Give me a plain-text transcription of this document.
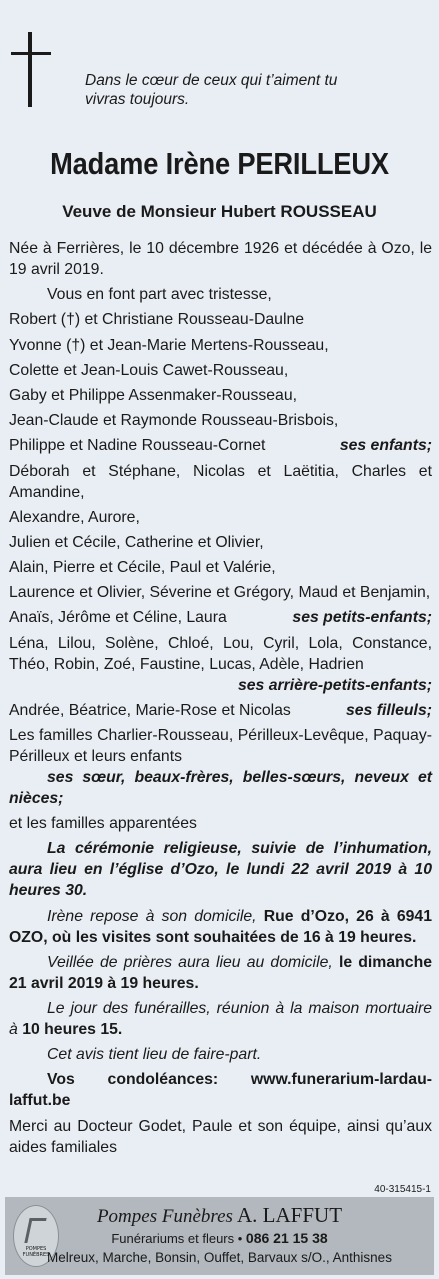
Dans le cœur de ceux qui t’aiment tu
vivras toujours.
Madame Irène PERILLEUX
Veuve de Monsieur Hubert ROUSSEAU

Née à Ferrières, le 10 décembre 1926 et décédée à Ozo, le 19 avril 2019.

Vous en font part avec tristesse,

Robert (†) et Christiane Rousseau-Daulne

Yvonne (†) et Jean-Marie Mertens-Rousseau,

Colette et Jean-Louis Cawet-Rousseau,

Gaby et Philippe Assenmaker-Rousseau,

Jean-Claude et Raymonde Rousseau-Brisbois,

Philippe et Nadine Rousseau-Cornet	ses enfants;

Déborah et Stéphane, Nicolas et Laëtitia, Charles et Amandine,

Alexandre, Aurore,

Julien et Cécile, Catherine et Olivier,

Alain, Pierre et Cécile, Paul et Valérie,

Laurence et Olivier, Séverine et Grégory, Maud et Benjamin,

Anaïs, Jérôme et Céline, Laura	ses petits-enfants;

Léna, Lilou, Solène, Chloé, Lou, Cyril, Lola, Constance, Théo, Robin, Zoé, Faustine, Lucas, Adèle, Hadrien

ses arrière-petits-enfants;

Andrée, Béatrice, Marie-Rose et Nicolas	ses filleuls;

Les familles Charlier-Rousseau, Périlleux-Levêque, Paquay-Périlleux et leurs enfants

ses sœur, beaux-frères, belles-sœurs, neveux et nièces;

et les familles apparentées

La cérémonie religieuse, suivie de l’inhumation, aura lieu en l’église d’Ozo, le lundi 22 avril 2019 à 10 heures 30.

Irène repose à son domicile, Rue d’Ozo, 26 à 6941 OZO, où les visites sont souhaitées de 16 à 19 heures.

Veillée de prières aura lieu au domicile, le dimanche 21 avril 2019 à 19 heures.

Le jour des funérailles, réunion à la maison mortuaire à 10 heures 15.

Cet avis tient lieu de faire-part.

Vos condoléances: www.funerarium-lardau-laffut.be

Merci au Docteur Godet, Paule et son équipe, ainsi qu’aux aides familiales

40-315415-1
POMPES FUNÈBRES
Pompes Funèbres A. LAFFUT
Funérariums et fleurs • 086 21 15 38
Melreux, Marche, Bonsin, Ouffet, Barvaux s/O., Anthisnes
